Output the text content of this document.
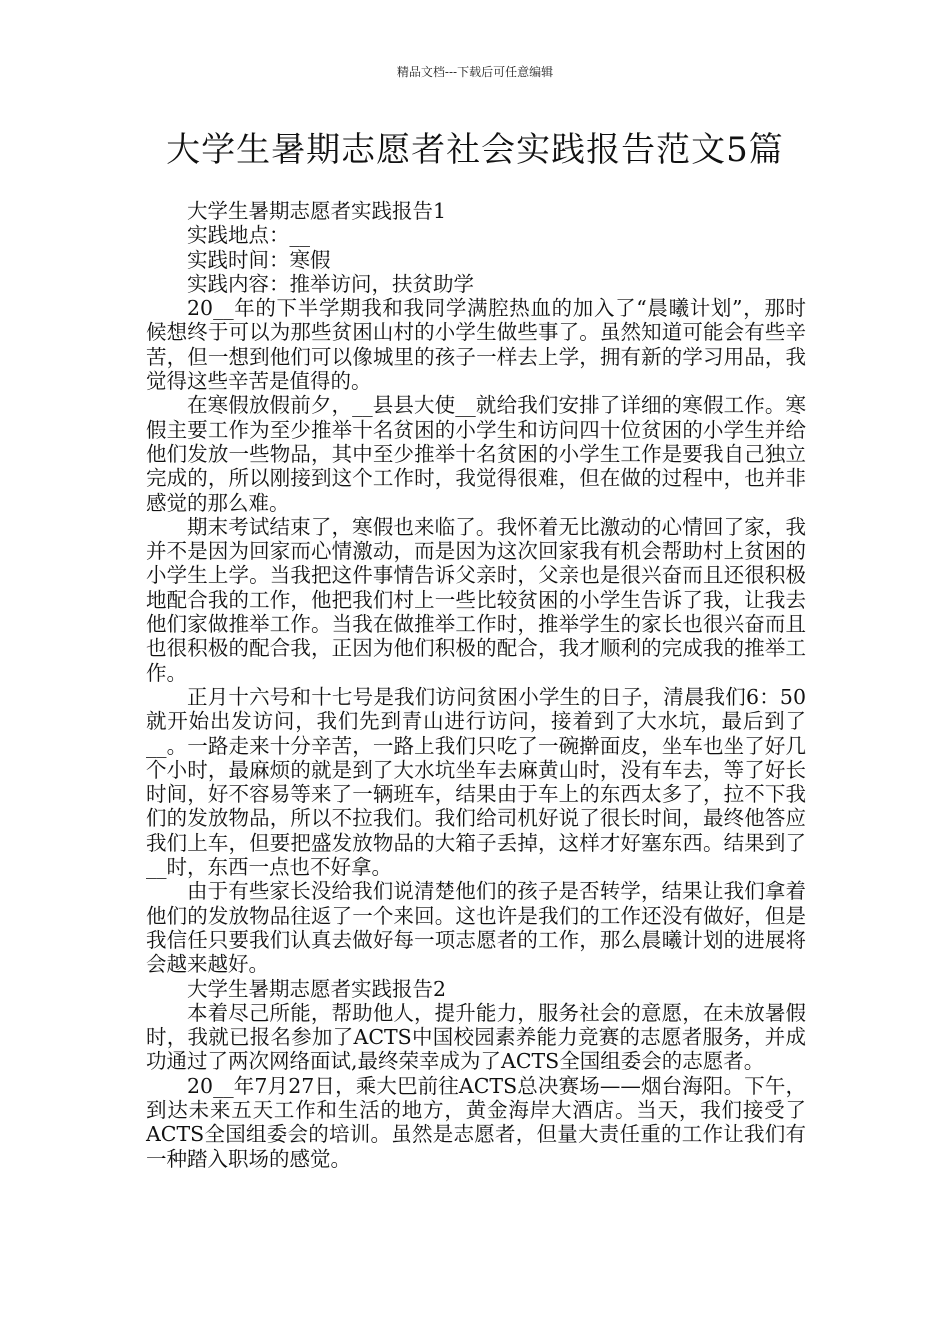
精品文档---下载后可任意编辑
大学生暑期志愿者社会实践报告范文5篇

大学生暑期志愿者实践报告1

实践地点：__

实践时间：寒假

实践内容：推举访问，扶贫助学

20__年的下半学期我和我同学满腔热血的加入了“晨曦计划”，那时候想终于可以为那些贫困山村的小学生做些事了。虽然知道可能会有些辛苦，但一想到他们可以像城里的孩子一样去上学，拥有新的学习用品，我觉得这些辛苦是值得的。

在寒假放假前夕，__县县大使__就给我们安排了详细的寒假工作。寒假主要工作为至少推举十名贫困的小学生和访问四十位贫困的小学生并给他们发放一些物品，其中至少推举十名贫困的小学生工作是要我自己独立完成的，所以刚接到这个工作时，我觉得很难，但在做的过程中，也并非感觉的那么难。

期末考试结束了，寒假也来临了。我怀着无比激动的心情回了家，我并不是因为回家而心情激动，而是因为这次回家我有机会帮助村上贫困的小学生上学。当我把这件事情告诉父亲时，父亲也是很兴奋而且还很积极地配合我的工作，他把我们村上一些比较贫困的小学生告诉了我，让我去他们家做推举工作。当我在做推举工作时，推举学生的家长也很兴奋而且也很积极的配合我，正因为他们积极的配合，我才顺利的完成我的推举工作。

正月十六号和十七号是我们访问贫困小学生的日子，清晨我们6：50就开始出发访问，我们先到青山进行访问，接着到了大水坑，最后到了__。一路走来十分辛苦，一路上我们只吃了一碗擀面皮，坐车也坐了好几个小时，最麻烦的就是到了大水坑坐车去麻黄山时，没有车去，等了好长时间，好不容易等来了一辆班车，结果由于车上的东西太多了，拉不下我们的发放物品，所以不拉我们。我们给司机好说了很长时间，最终他答应我们上车，但要把盛发放物品的大箱子丢掉，这样才好塞东西。结果到了__时，东西一点也不好拿。

由于有些家长没给我们说清楚他们的孩子是否转学，结果让我们拿着他们的发放物品往返了一个来回。这也许是我们的工作还没有做好，但是我信任只要我们认真去做好每一项志愿者的工作，那么晨曦计划的进展将会越来越好。

大学生暑期志愿者实践报告2

本着尽己所能，帮助他人，提升能力，服务社会的意愿，在未放暑假时，我就已报名参加了ACTS中国校园素养能力竞赛的志愿者服务，并成功通过了两次网络面试,最终荣幸成为了ACTS全国组委会的志愿者。

20__年7月27日，乘大巴前往ACTS总决赛场——烟台海阳。下午，到达未来五天工作和生活的地方，黄金海岸大酒店。当天，我们接受了ACTS全国组委会的培训。虽然是志愿者，但量大责任重的工作让我们有一种踏入职场的感觉。
